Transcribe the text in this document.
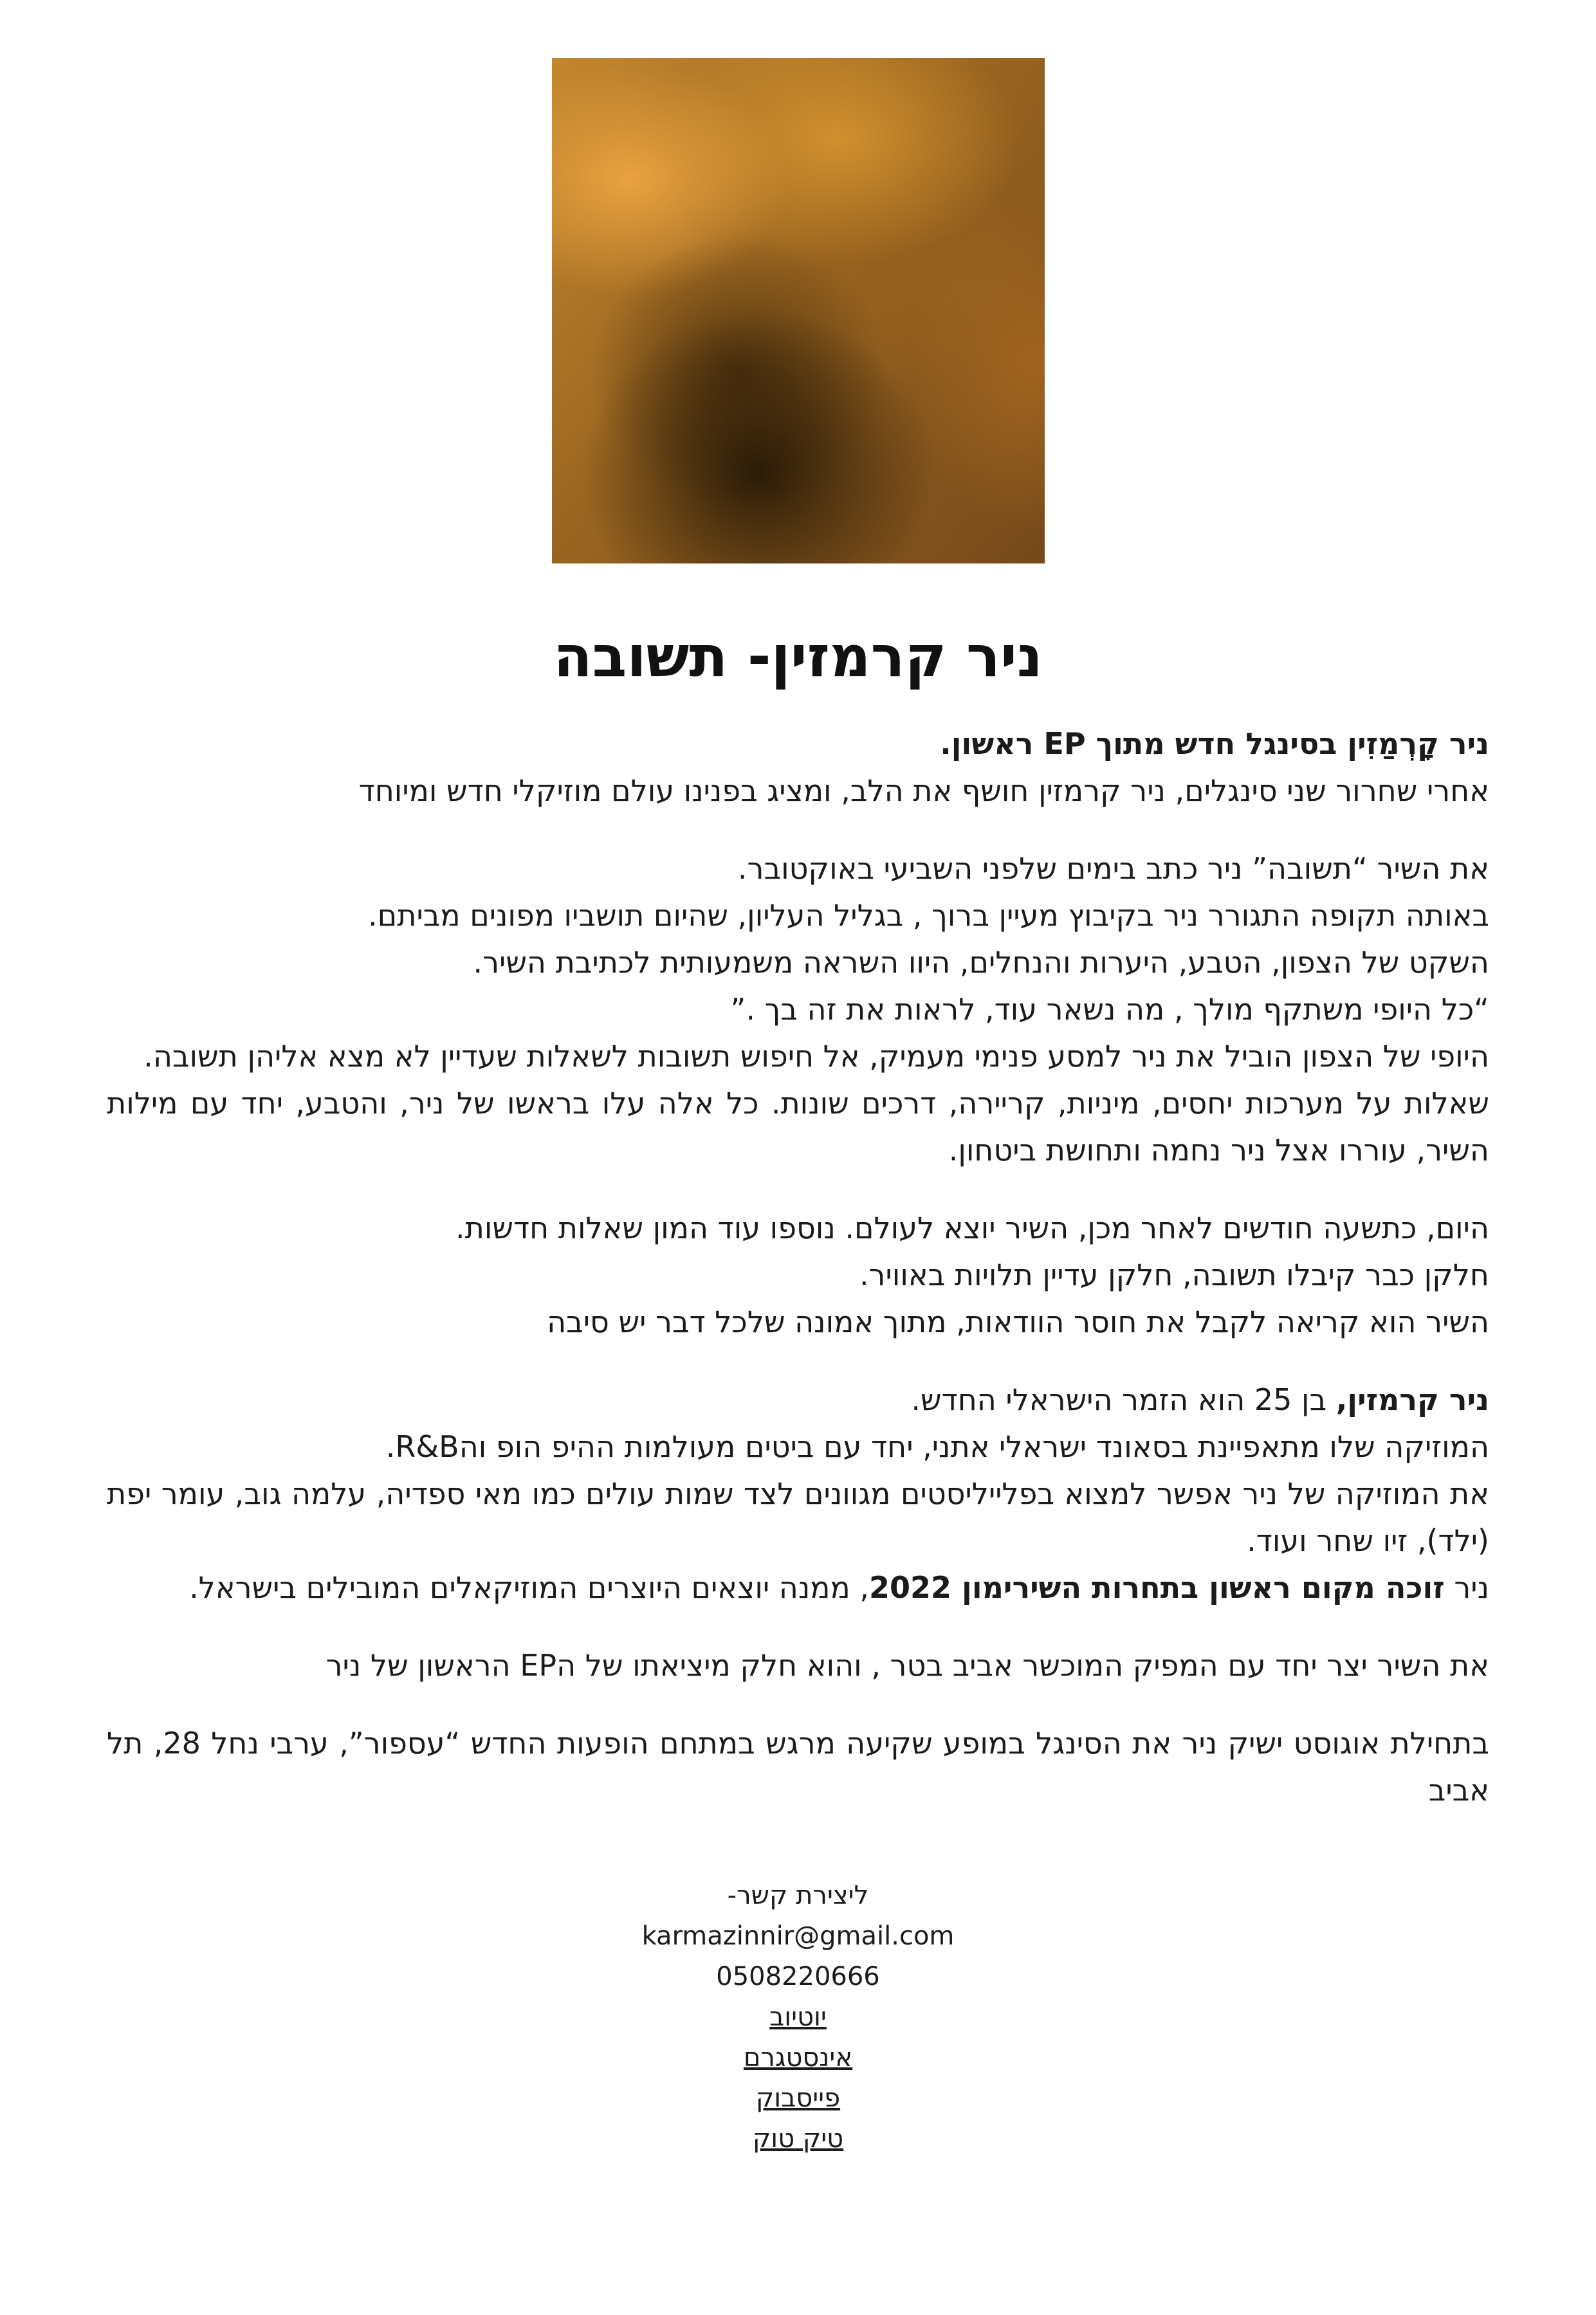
ניר קרמזין- תשובה

ניר קָרְמַזִין בסינגל חדש מתוך EP ראשון.
אחרי שחרור שני סינגלים, ניר קרמזין חושף את הלב, ומציג בפנינו עולם מוזיקלי חדש ומיוחד

את השיר “תשובה” ניר כתב בימים שלפני השביעי באוקטובר.
באותה תקופה התגורר ניר בקיבוץ מעיין ברוך , בגליל העליון, שהיום תושביו מפונים מביתם.
השקט של הצפון, הטבע, היערות והנחלים, היוו השראה משמעותית לכתיבת השיר.
“כל היופי משתקף מולך , מה נשאר עוד, לראות את זה בך .”
היופי של הצפון הוביל את ניר למסע פנימי מעמיק, אל חיפוש תשובות לשאלות שעדיין לא מצא אליהן תשובה.
שאלות על מערכות יחסים, מיניות, קריירה, דרכים שונות. כל אלה עלו בראשו של ניר, והטבע, יחד עם מילות השיר, עוררו אצל ניר נחמה ותחושת ביטחון.

היום, כתשעה חודשים לאחר מכן, השיר יוצא לעולם. נוספו עוד המון שאלות חדשות.
חלקן כבר קיבלו תשובה, חלקן עדיין תלויות באוויר.
השיר הוא קריאה לקבל את חוסר הוודאות, מתוך אמונה שלכל דבר יש סיבה

ניר קרמזין, בן 25 הוא הזמר הישראלי החדש.
המוזיקה שלו מתאפיינת בסאונד ישראלי אתני, יחד עם ביטים מעולמות ההיפ הופ והR&B.
את המוזיקה של ניר אפשר למצוא בפלייליסטים מגוונים לצד שמות עולים כמו מאי ספדיה, עלמה גוב, עומר יפת (ילד), זיו שחר ועוד.
ניר זוכה מקום ראשון בתחרות השירימון 2022, ממנה יוצאים היוצרים המוזיקאלים המובילים בישראל.

את השיר יצר יחד עם המפיק המוכשר אביב בטר , והוא חלק מיציאתו של הEP הראשון של ניר

בתחילת אוגוסט ישיק ניר את הסינגל במופע שקיעה מרגש במתחם הופעות החדש “עספור”, ערבי נחל 28, תל אביב

ליצירת קשר-
karmazinnir@gmail.com
0508220666
יוטיוב
אינסטגרם
פייסבוק
טיק טוק
